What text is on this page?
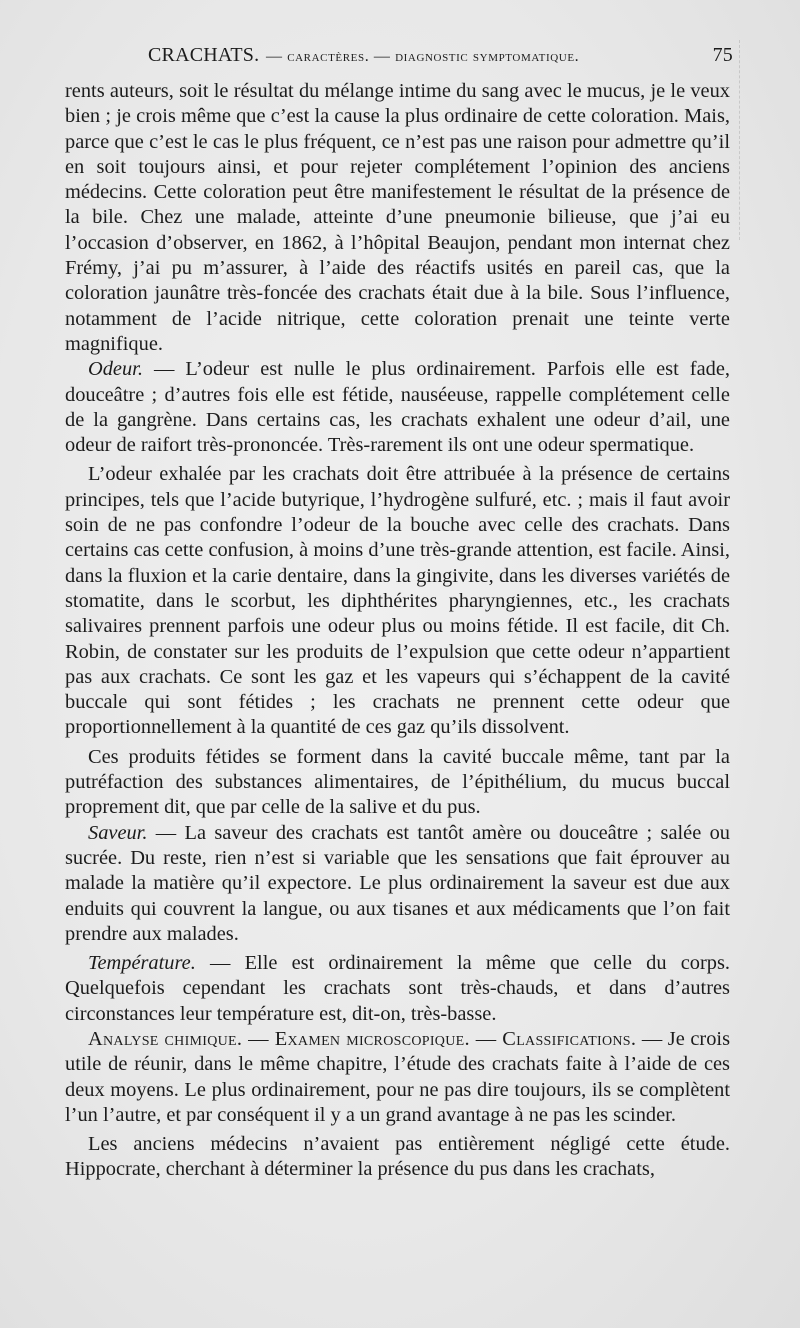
CRACHATS. — caractères. — diagnostic symptomatique.	75

rents auteurs, soit le résultat du mélange intime du sang avec le mucus, je le veux bien ; je crois même que c’est la cause la plus ordinaire de cette coloration. Mais, parce que c’est le cas le plus fréquent, ce n’est pas une raison pour admettre qu’il en soit toujours ainsi, et pour rejeter complétement l’opinion des anciens médecins. Cette coloration peut être manifestement le résultat de la présence de la bile. Chez une malade, atteinte d’une pneumonie bilieuse, que j’ai eu l’occasion d’observer, en 1862, à l’hôpital Beaujon, pendant mon internat chez Frémy, j’ai pu m’assurer, à l’aide des réactifs usités en pareil cas, que la coloration jaunâtre très-foncée des crachats était due à la bile. Sous l’influence, notamment de l’acide nitrique, cette coloration prenait une teinte verte magnifique.

Odeur. — L’odeur est nulle le plus ordinairement. Parfois elle est fade, douceâtre ; d’autres fois elle est fétide, nauséeuse, rappelle complétement celle de la gangrène. Dans certains cas, les crachats exhalent une odeur d’ail, une odeur de raifort très-prononcée. Très-rarement ils ont une odeur spermatique.

L’odeur exhalée par les crachats doit être attribuée à la présence de certains principes, tels que l’acide butyrique, l’hydrogène sulfuré, etc. ; mais il faut avoir soin de ne pas confondre l’odeur de la bouche avec celle des crachats. Dans certains cas cette confusion, à moins d’une très-grande attention, est facile. Ainsi, dans la fluxion et la carie dentaire, dans la gingivite, dans les diverses variétés de stomatite, dans le scorbut, les diphthérites pharyngiennes, etc., les crachats salivaires prennent parfois une odeur plus ou moins fétide. Il est facile, dit Ch. Robin, de constater sur les produits de l’expulsion que cette odeur n’appartient pas aux crachats. Ce sont les gaz et les vapeurs qui s’échappent de la cavité buccale qui sont fétides ; les crachats ne prennent cette odeur que proportionnellement à la quantité de ces gaz qu’ils dissolvent.

Ces produits fétides se forment dans la cavité buccale même, tant par la putréfaction des substances alimentaires, de l’épithélium, du mucus buccal proprement dit, que par celle de la salive et du pus.

Saveur. — La saveur des crachats est tantôt amère ou douceâtre ; salée ou sucrée. Du reste, rien n’est si variable que les sensations que fait éprouver au malade la matière qu’il expectore. Le plus ordinairement la saveur est due aux enduits qui couvrent la langue, ou aux tisanes et aux médicaments que l’on fait prendre aux malades.

Température. — Elle est ordinairement la même que celle du corps. Quelquefois cependant les crachats sont très-chauds, et dans d’autres circonstances leur température est, dit-on, très-basse.

Analyse chimique. — Examen microscopique. — Classifications. — Je crois utile de réunir, dans le même chapitre, l’étude des crachats faite à l’aide de ces deux moyens. Le plus ordinairement, pour ne pas dire toujours, ils se complètent l’un l’autre, et par conséquent il y a un grand avantage à ne pas les scinder.

Les anciens médecins n’avaient pas entièrement négligé cette étude. Hippocrate, cherchant à déterminer la présence du pus dans les crachats,
